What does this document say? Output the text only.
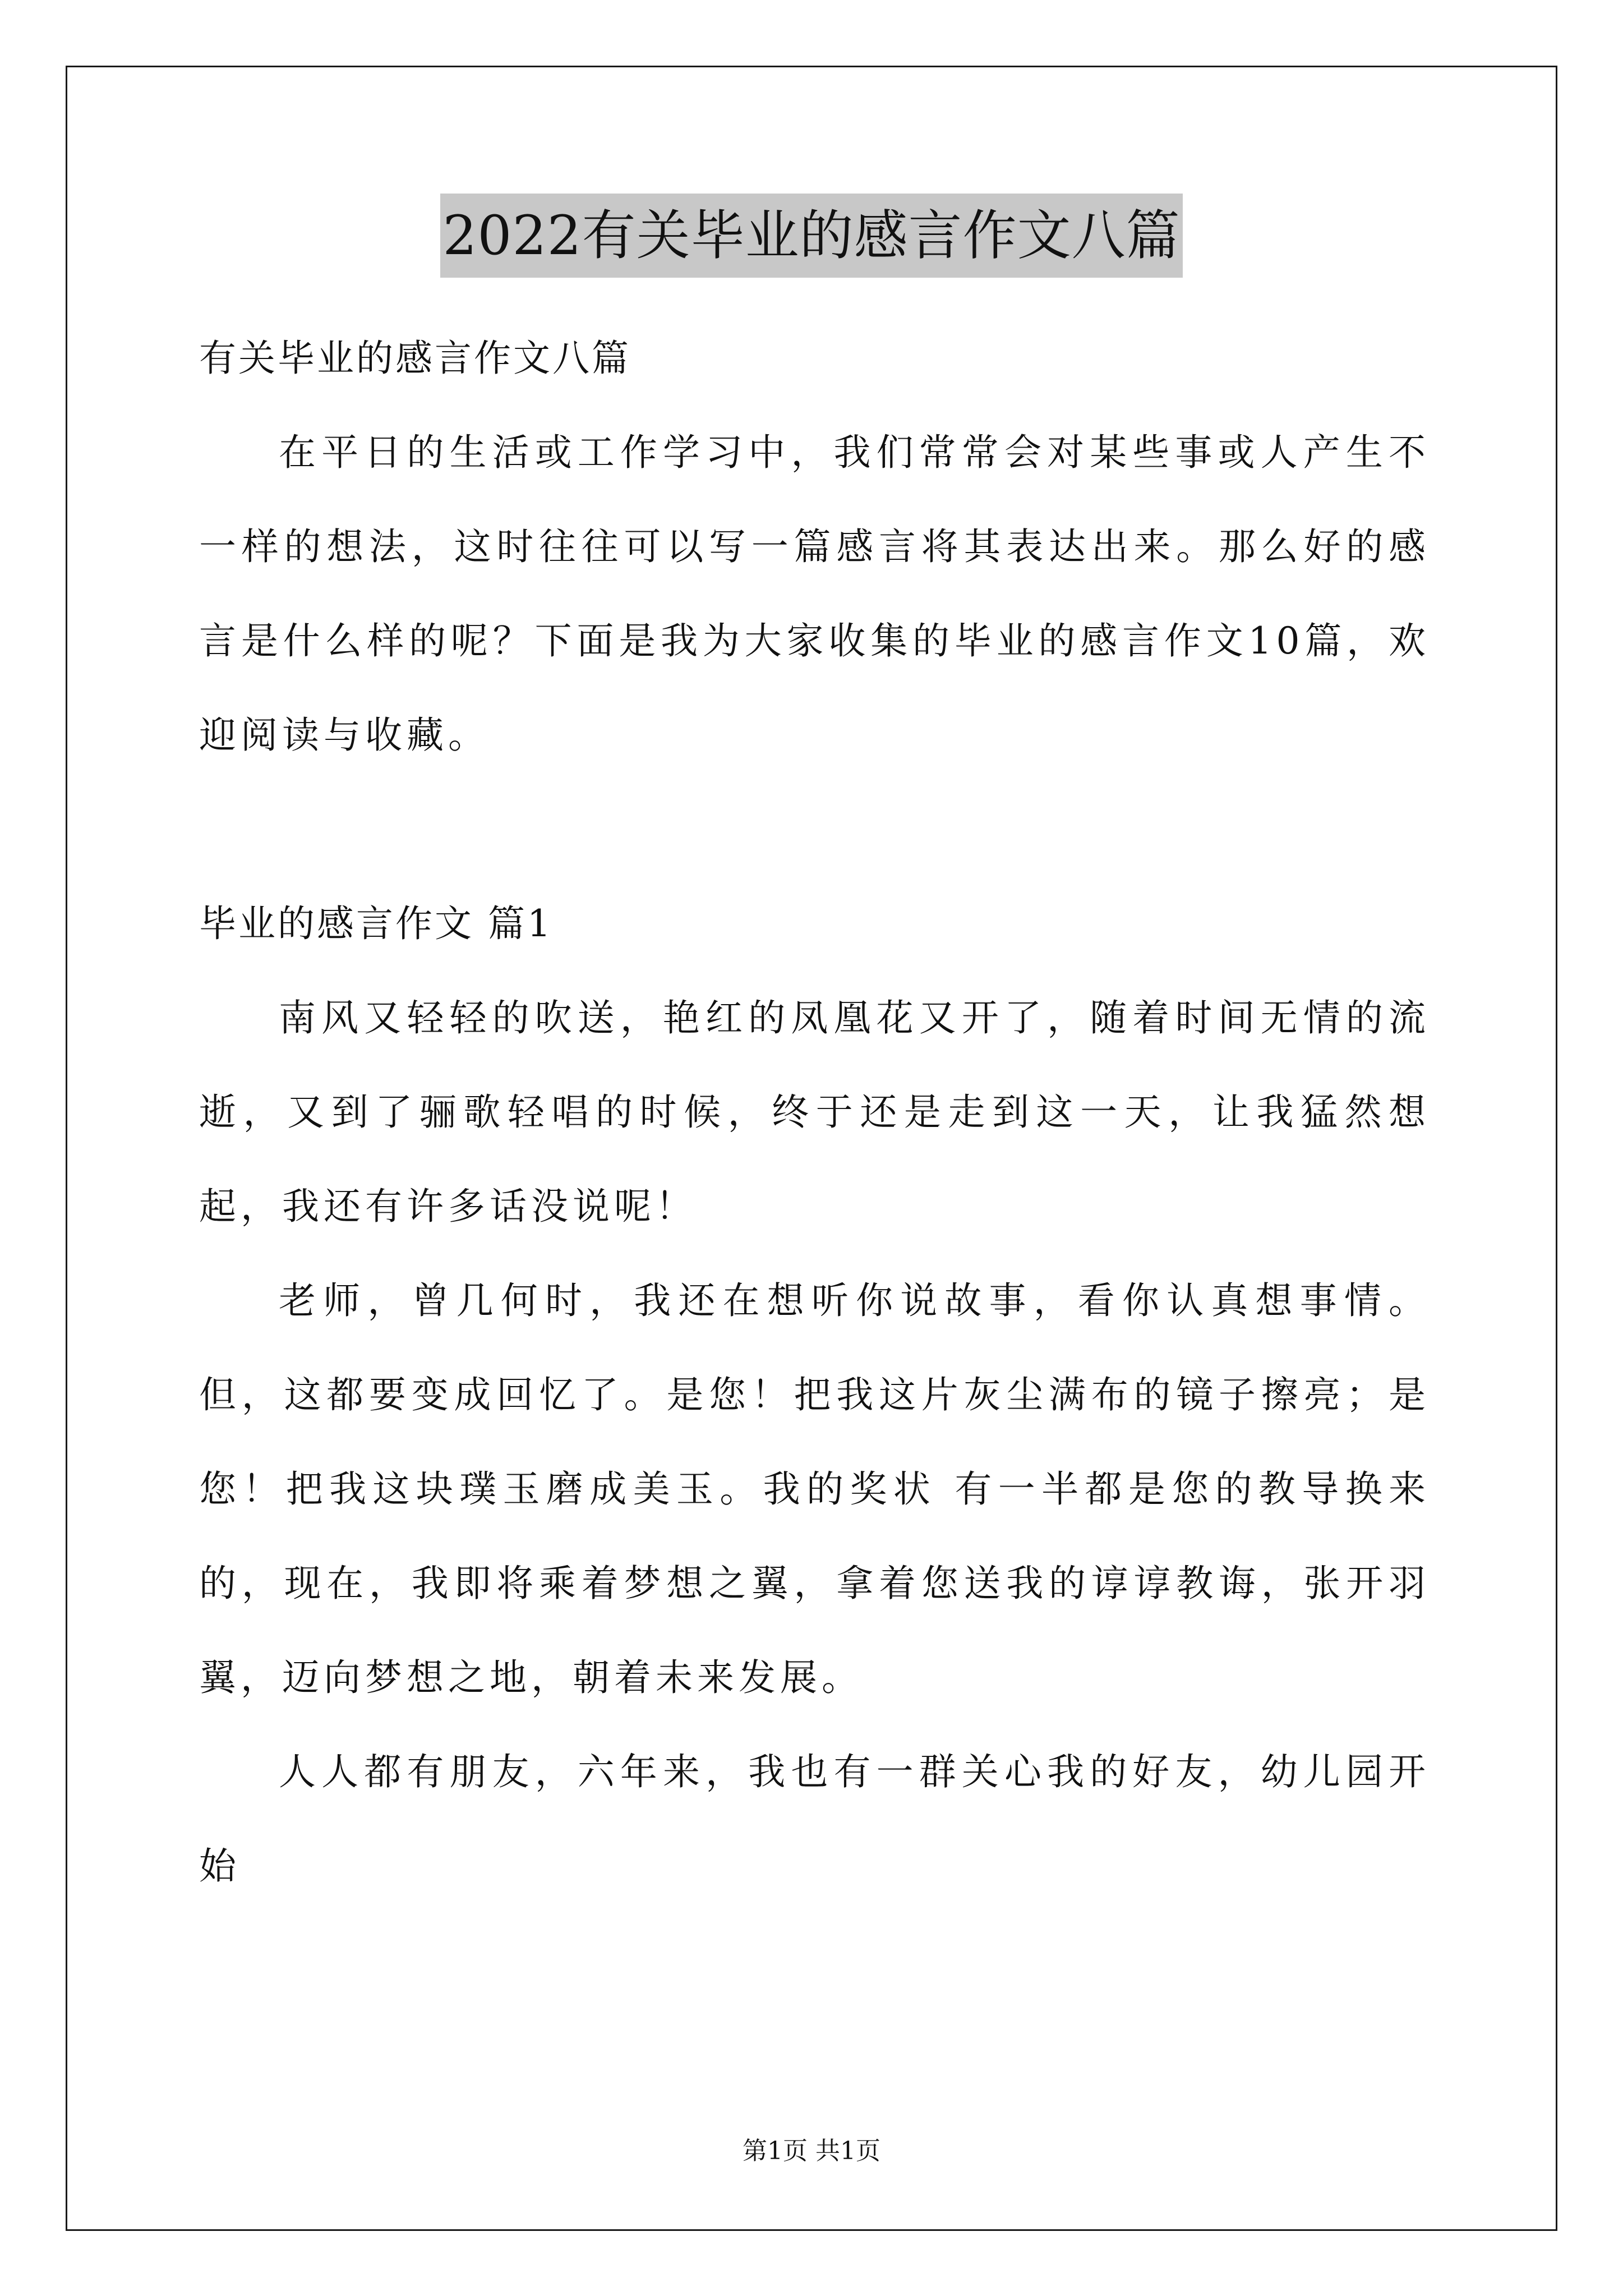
2022有关毕业的感言作文八篇
有关毕业的感言作文八篇

在平日的生活或工作学习中，我们常常会对某些事或人产生不一样的想法，这时往往可以写一篇感言将其表达出来。那么好的感言是什么样的呢？下面是我为大家收集的毕业的感言作文10篇，欢迎阅读与收藏。

毕业的感言作文 篇1

南风又轻轻的吹送，艳红的凤凰花又开了，随着时间无情的流逝，又到了骊歌轻唱的时候，终于还是走到这一天，让我猛然想起，我还有许多话没说呢！

老师，曾几何时，我还在想听你说故事，看你认真想事情。但，这都要变成回忆了。是您！把我这片灰尘满布的镜子擦亮；是您！把我这块璞玉磨成美玉。我的奖状 有一半都是您的教导换来的，现在，我即将乘着梦想之翼，拿着您送我的谆谆教诲，张开羽翼，迈向梦想之地，朝着未来发展。

人人都有朋友，六年来，我也有一群关心我的好友，幼儿园开始

第1页 共1页
